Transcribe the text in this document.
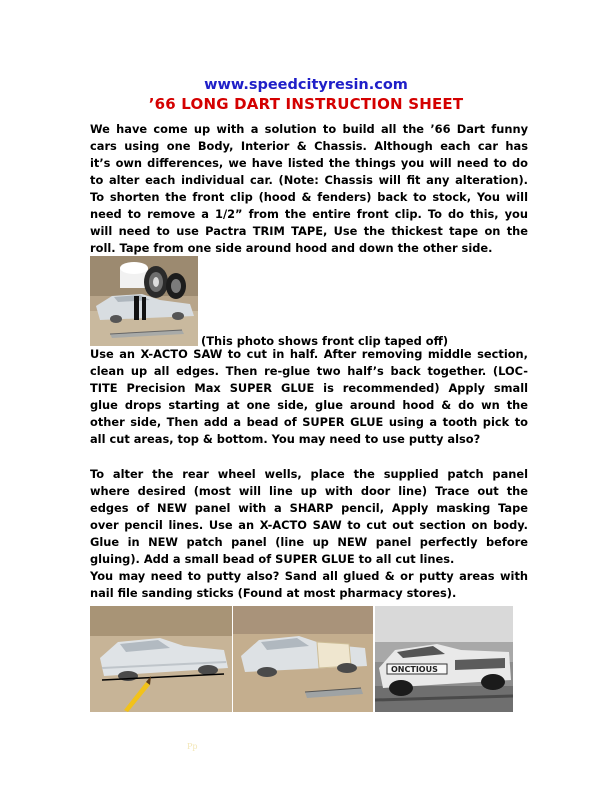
www.speedcityresin.com
’66 LONG DART INSTRUCTION SHEET
We have come up with a solution to build all the ’66 Dart funny
cars using one Body, Interior & Chassis. Although each car has
it’s own differences, we have listed the things you will need to do
to alter each individual car. (Note: Chassis will fit any alteration).
To shorten the front clip (hood & fenders) back to stock, You will
need to remove a 1/2” from the entire front clip. To do this, you
will need to use Pactra TRIM TAPE, Use the thickest tape on the
roll. Tape from one side around hood and down the other side.
(This photo shows front clip taped off)
Use an X-ACTO SAW to cut in half. After removing middle section,
clean up all edges. Then re-glue two half’s back together. (LOC-
TITE Precision Max SUPER GLUE is recommended) Apply small
glue drops starting at one side, glue around hood & do wn the
other side, Then add a bead of SUPER GLUE using a tooth pick to
all cut areas, top & bottom. You may need to use putty also?
To alter the rear wheel wells, place the supplied patch panel
where desired (most will line up with door line) Trace out the
edges of NEW panel with a SHARP pencil, Apply masking Tape
over pencil lines. Use an X-ACTO SAW to cut out section on body.
Glue in NEW patch panel (line up NEW panel perfectly before
gluing). Add a small bead of SUPER GLUE to all cut lines.
You may need to putty also? Sand all glued & or putty areas with
nail file sanding sticks (Found at most pharmacy stores).
ONCTIOUS
Pp
